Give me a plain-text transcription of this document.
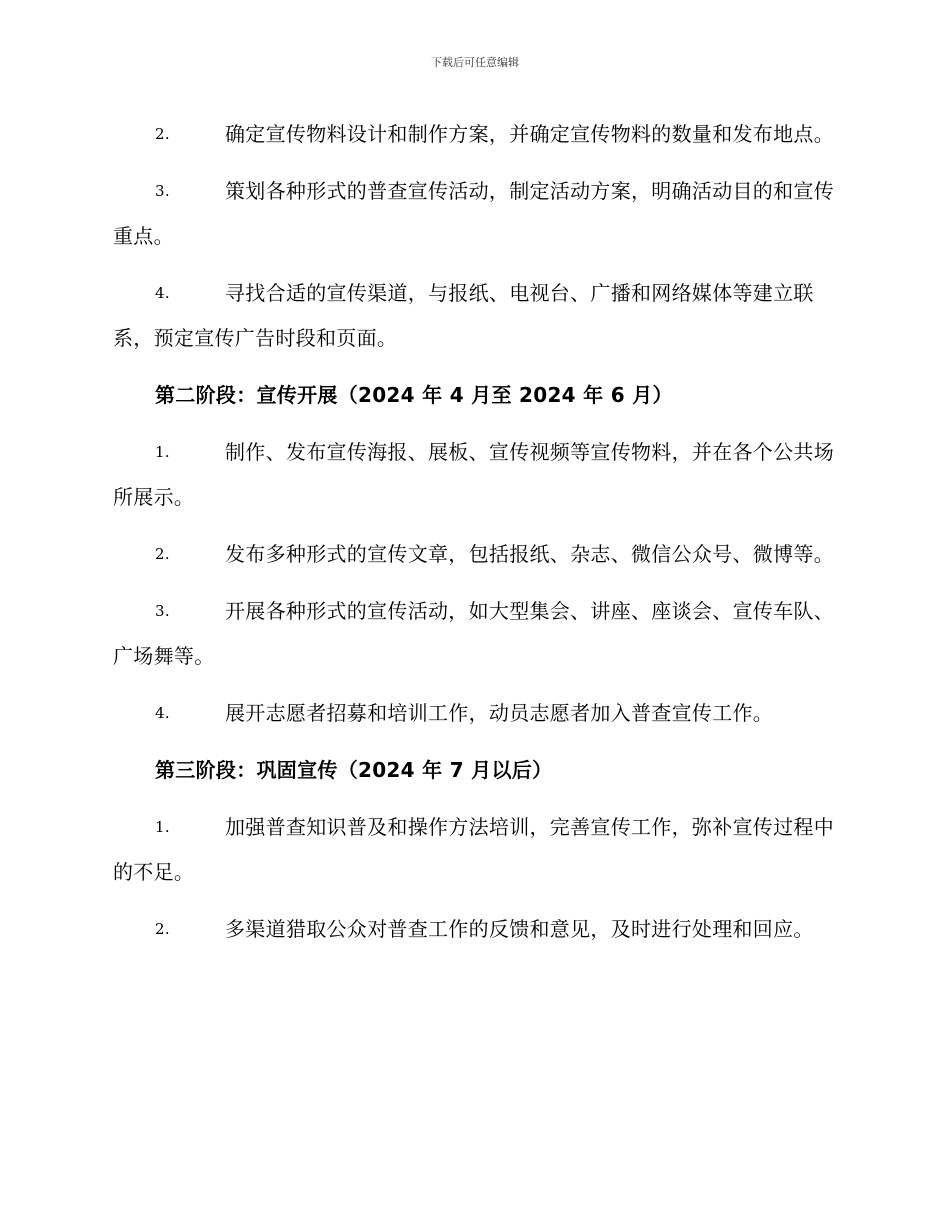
下载后可任意编辑
2.	确定宣传物料设计和制作方案，并确定宣传物料的数量和发布地点。
3.	策划各种形式的普查宣传活动，制定活动方案，明确活动目的和宣传重点。
4.	寻找合适的宣传渠道，与报纸、电视台、广播和网络媒体等建立联系，预定宣传广告时段和页面。
第二阶段：宣传开展（2024 年 4 月至 2024 年 6 月）
1.	制作、发布宣传海报、展板、宣传视频等宣传物料，并在各个公共场所展示。
2.	发布多种形式的宣传文章，包括报纸、杂志、微信公众号、微博等。
3.	开展各种形式的宣传活动，如大型集会、讲座、座谈会、宣传车队、广场舞等。
4.	展开志愿者招募和培训工作，动员志愿者加入普查宣传工作。
第三阶段：巩固宣传（2024 年 7 月以后）
1.	加强普查知识普及和操作方法培训，完善宣传工作，弥补宣传过程中的不足。
2.	多渠道猎取公众对普查工作的反馈和意见，及时进行处理和回应。
